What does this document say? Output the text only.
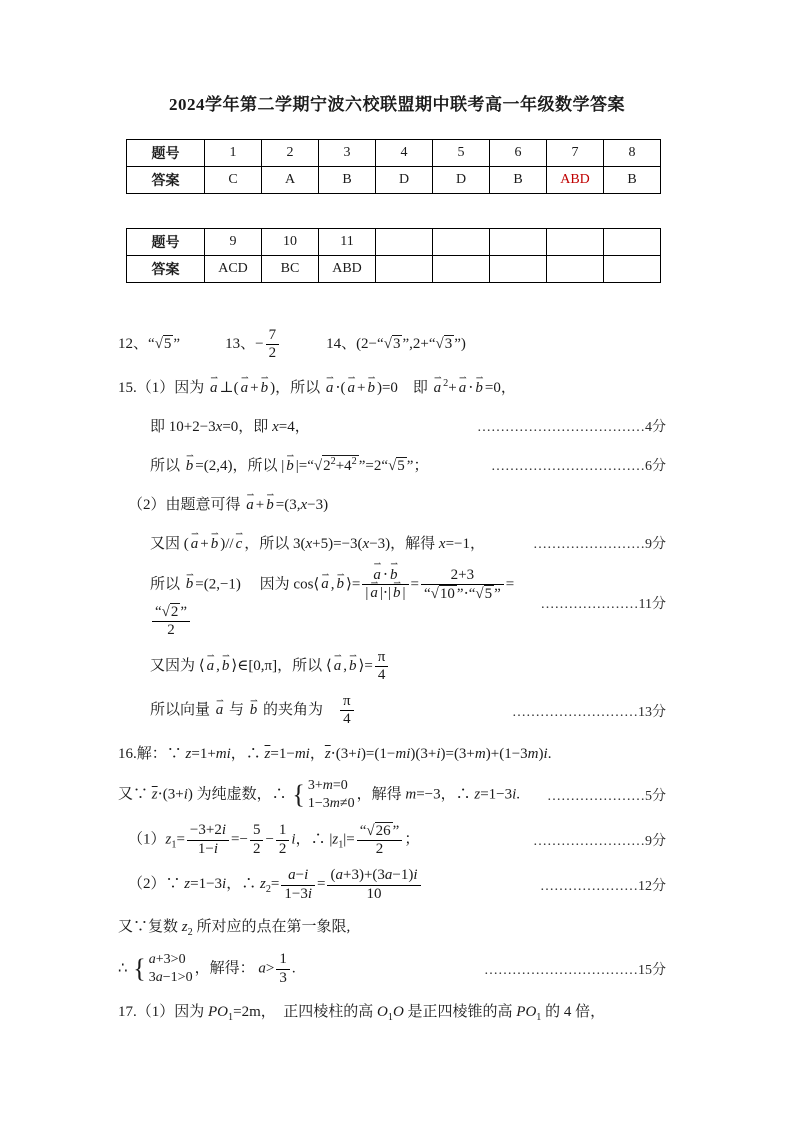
2024学年第二学期宁波六校联盟期中联考高一年级数学答案
题号	1	2	3	4	5	6	7	8
答案	C	A	B	D	D	B	ABD	B
题号	9	10	11					
答案	ACD	BC	ABD					
12、 √5　　　13、− $\frac{7}{2}$ 　　　14、(2− √3 ,2+ √3 )
15.（1）因为 a ⇀ ⊥( a ⇀ + b ⇀ )，所以 a ⇀ ⋅( a ⇀ + b ⇀ )=0　即 a ⇀ $^2$+ a ⇀ ⋅ b ⇀ =0，
即 10+2−3x=0，即 x=4，	………………………………4分
所以 b ⇀ =(2,4)，所以 | b ⇀ |= $√2^2+4^2 =2$ √5 ；	……………………………6分
（2）由题意可得 a ⇀ + b ⇀ =(3,x−3)
又因 ( a ⇀ + b ⇀ )// c ⇀ ，所以 3(x+5)=−3(x−3)，解得 x=−1，	……………………9分
所以 b ⇀ =(2,−1)　 因为 cos⟨ a ⇀ , b ⇀ ⟩= $\frac{a ⇀ \cdot b ⇀}{| a ⇀ |\cdot| b ⇀ |} = \frac{2+3}{√10 \cdot √5}$ =
$\frac{√2}{2}$	…………………11分
又因为 ⟨ a ⇀ , b ⇀ ⟩∈[0,π]，所以 ⟨ a ⇀ , b ⇀ ⟩= $\frac{\pi}{4}$
所以向量 a ⇀ 与 b ⇀ 的夹角为　 $\frac{\pi}{4}$	………………………13分
16.解：∵ z=1+mi，∴ $\overline{z}=1-mi$，$\overline{z}\cdot(3+i)=(1-mi)(3+i)=(3+m)+(1-3m)i$.
又∵ $\overline{z}\cdot(3+i)$ 为纯虚数，∴
{ 3+m=0
1−3m≠0
，解得 m=−3，∴ z=1−3i.	…………………5分
$(1)z_1= \frac{-3+2i}{1-i} =- \frac{5}{2} - \frac{1}{2}$ i，∴ $|z_1|= \frac{√26}{2}$ ；	……………………9分
（2）∵ z=1−3i，∴ $z_2= \frac{a-i}{1-3i} = \frac{(a+3)+(3a-1)i}{10}$	…………………12分
又∵复数 $z_2$ 所对应的点在第一象限,
∴
{ a+3>0
3a−1>0
，解得： $a> \frac{1}{3}$ .	……………………………15分
17.（1）因为 $PO_1=2m$，　正四棱柱的高 $O_1O$ 是正四棱锥的高 $PO_1$ 的 4 倍，
